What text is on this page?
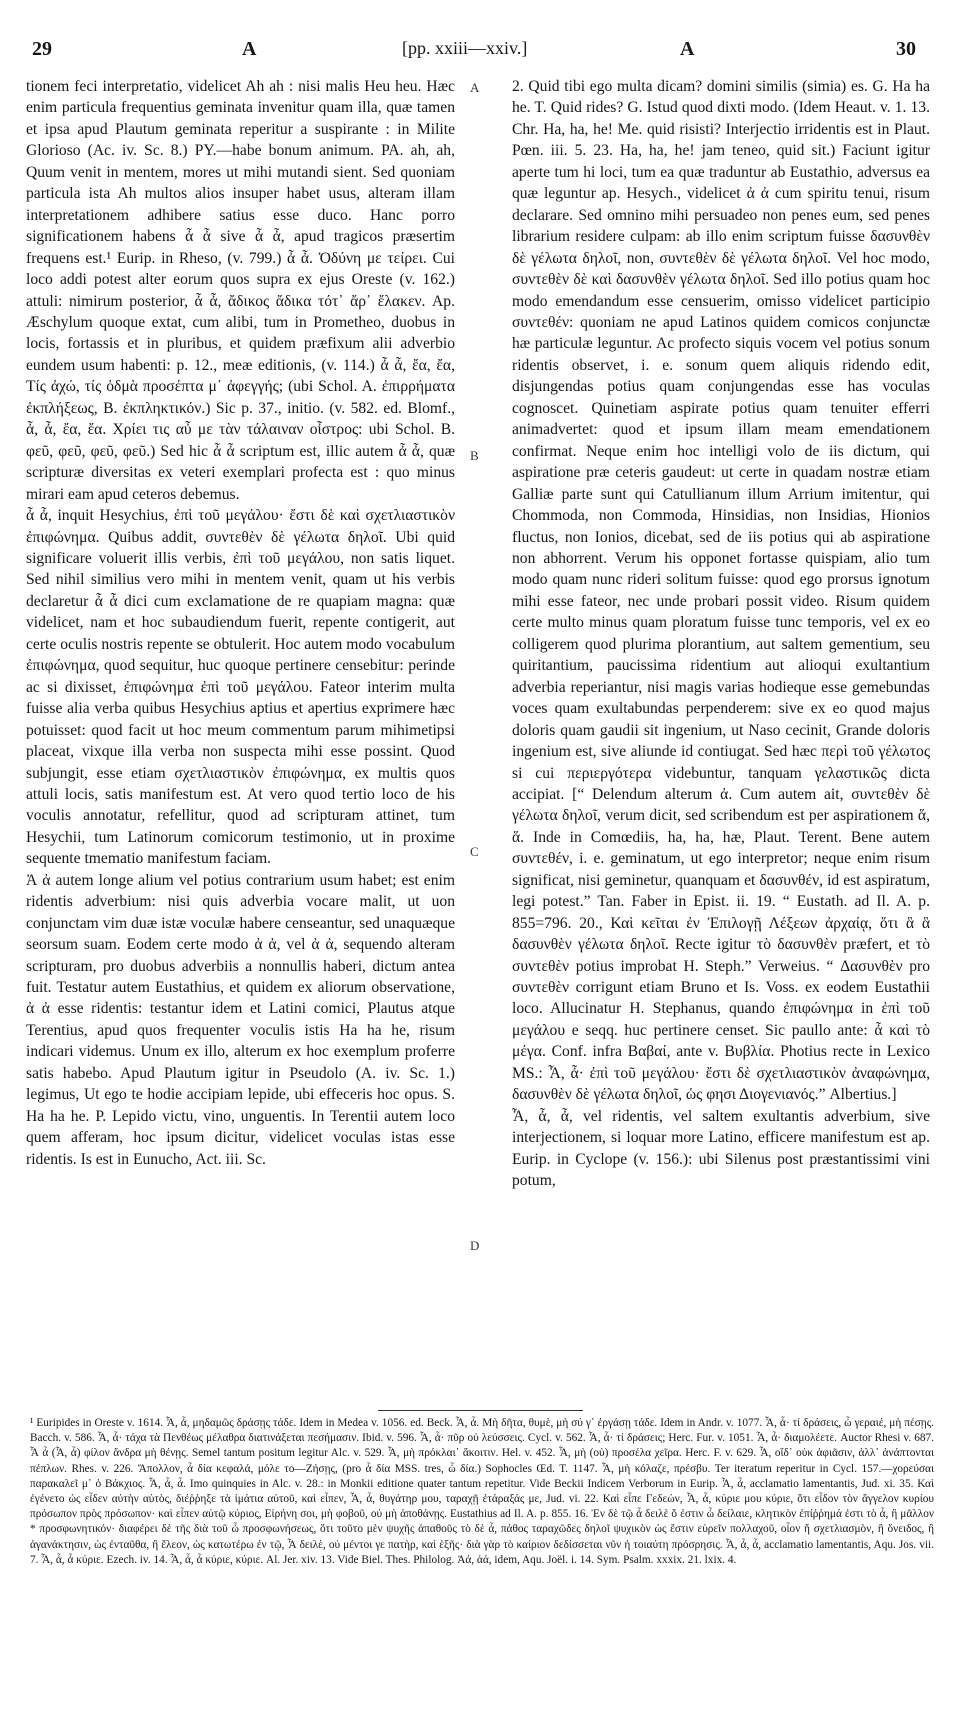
29	A	[pp. xxiii—xxiv.]	A	30
A
B
C
D

tionem feci interpretatio, videlicet Ah ah : nisi malis Heu heu. Hæc enim particula frequentius geminata invenitur quam illa, quæ tamen et ipsa apud Plautum geminata reperitur a suspirante : in Milite Glorioso (Ac. iv. Sc. 8.) PY.—habe bonum animum. PA. ah, ah, Quum venit in mentem, mores ut mihi mutandi sient. Sed quoniam particula ista Ah multos alios insuper habet usus, alteram illam interpretationem adhibere satius esse duco. Hanc porro significationem habens ἆ ἆ sive ἆ ἆ, apud tragicos præsertim frequens est.¹ Eurip. in Rheso, (v. 799.) ἆ ἆ. Ὀδύνη με τείρει. Cui loco addi potest alter eorum quos supra ex ejus Oreste (v. 162.) attuli: nimirum posterior, ἆ ἆ, ἄδικος ἄδικα τότ᾽ ἄρ᾽ ἔλακεν. Ap. Æschylum quoque extat, cum alibi, tum in Prometheo, duobus in locis, fortassis et in pluribus, et quidem præfixum alii adverbio eundem usum habenti: p. 12., meæ editionis, (v. 114.) ἆ ἆ, ἔα, ἔα, Τίς ἀχώ, τίς ὀδμὰ προσέπτα μ᾽ ἀφεγγής; (ubi Schol. A. ἐπιρρήματα ἐκπλήξεως, B. ἐκπληκτικόν.) Sic p. 37., initio. (v. 582. ed. Blomf., ἆ, ἆ, ἔα, ἔα. Χρίει τις αὖ με τὰν τάλαιναν οἶστρος: ubi Schol. B. φεῦ, φεῦ, φεῦ, φεῦ.) Sed hic ἆ ἆ scriptum est, illic autem ἆ ἆ, quæ scripturæ diversitas ex veteri exemplari profecta est : quo minus mirari eam apud ceteros debemus.

ἆ ἆ, inquit Hesychius, ἐπὶ τοῦ μεγάλου· ἔστι δὲ καὶ σχετλιαστικὸν ἐπιφώνημα. Quibus addit, συντεθὲν δὲ γέλωτα δηλοῖ. Ubi quid significare voluerit illis verbis, ἐπὶ τοῦ μεγάλου, non satis liquet. Sed nihil similius vero mihi in mentem venit, quam ut his verbis declaretur ἆ ἆ dici cum exclamatione de re quapiam magna: quæ videlicet, nam et hoc subaudiendum fuerit, repente contigerit, aut certe oculis nostris repente se obtulerit. Hoc autem modo vocabulum ἐπιφώνημα, quod sequitur, huc quoque pertinere censebitur: perinde ac si dixisset, ἐπιφώνημα ἐπὶ τοῦ μεγάλου. Fateor interim multa fuisse alia verba quibus Hesychius aptius et apertius exprimere hæc potuisset: quod facit ut hoc meum commentum parum mihimetipsi placeat, vixque illa verba non suspecta mihi esse possint. Quod subjungit, esse etiam σχετλιαστικὸν ἐπιφώνημα, ex multis quos attuli locis, satis manifestum est. At vero quod tertio loco de his voculis annotatur, refellitur, quod ad scripturam attinet, tum Hesychii, tum Latinorum comicorum testimonio, ut in proxime sequente tmematio manifestum faciam.

Ἀ ἀ autem longe alium vel potius contrarium usum habet; est enim ridentis adverbium: nisi quis adverbia vocare malit, ut uon conjunctam vim duæ istæ voculæ habere censeantur, sed unaquæque seorsum suam. Eodem certe modo ἀ ἀ, vel ἀ ἀ, sequendo alteram scripturam, pro duobus adverbiis a nonnullis haberi, dictum antea fuit. Testatur autem Eustathius, et quidem ex aliorum observatione, ἀ ἀ esse ridentis: testantur idem et Latini comici, Plautus atque Terentius, apud quos frequenter voculis istis Ha ha he, risum indicari videmus. Unum ex illo, alterum ex hoc exemplum proferre satis habebo. Apud Plautum igitur in Pseudolo (A. iv. Sc. 1.) legimus, Ut ego te hodie accipiam lepide, ubi effeceris hoc opus. S. Ha ha he. P. Lepido victu, vino, unguentis. In Terentii autem loco quem afferam, hoc ipsum dicitur, videlicet voculas istas esse ridentis. Is est in Eunucho, Act. iii. Sc.

2. Quid tibi ego multa dicam? domini similis (simia) es. G. Ha ha he. T. Quid rides? G. Istud quod dixti modo. (Idem Heaut. v. 1. 13. Chr. Ha, ha, he! Me. quid risisti? Interjectio irridentis est in Plaut. Pœn. iii. 5. 23. Ha, ha, he! jam teneo, quid sit.) Faciunt igitur aperte tum hi loci, tum ea quæ traduntur ab Eustathio, adversus ea quæ leguntur ap. Hesych., videlicet ἀ ἀ cum spiritu tenui, risum declarare. Sed omnino mihi persuadeo non penes eum, sed penes librarium residere culpam: ab illo enim scriptum fuisse δασυνθὲν δὲ γέλωτα δηλοῖ, non, συντεθὲν δὲ γέλωτα δηλοῖ. Vel hoc modo, συντεθὲν δὲ καὶ δασυνθὲν γέλωτα δηλοῖ. Sed illo potius quam hoc modo emendandum esse censuerim, omisso videlicet participio συντεθέν: quoniam ne apud Latinos quidem comicos conjunctæ hæ particulæ leguntur. Ac profecto siquis vocem vel potius sonum ridentis observet, i. e. sonum quem aliquis ridendo edit, disjungendas potius quam conjungendas esse has voculas cognoscet. Quinetiam aspirate potius quam tenuiter efferri animadvertet: quod et ipsum illam meam emendationem confirmat. Neque enim hoc intelligi volo de iis dictum, qui aspiratione præ ceteris gaudeut: ut certe in quadam nostræ etiam Galliæ parte sunt qui Catullianum illum Arrium imitentur, qui Chommoda, non Commoda, Hinsidias, non Insidias, Hionios fluctus, non Ionios, dicebat, sed de iis potius qui ab aspiratione non abhorrent. Verum his opponet fortasse quispiam, alio tum modo quam nunc rideri solitum fuisse: quod ego prorsus ignotum mihi esse fateor, nec unde probari possit video. Risum quidem certe multo minus quam ploratum fuisse tunc temporis, vel ex eo colligerem quod plurima plorantium, aut saltem gementium, seu quiritantium, paucissima ridentium aut alioqui exultantium adverbia reperiantur, nisi magis varias hodieque esse gemebundas voces quam exultabundas perpenderem: sive ex eo quod majus doloris quam gaudii sit ingenium, ut Naso cecinit, Grande doloris ingenium est, sive aliunde id contiugat. Sed hæc περὶ τοῦ γέλωτος si cui περιεργότερα videbuntur, tanquam γελαστικῶς dicta accipiat. [“ Delendum alterum ἀ. Cum autem ait, συντεθὲν δὲ γέλωτα δηλοῖ, verum dicit, sed scribendum est per aspirationem ἅ, ἅ. Inde in Comœdiis, ha, ha, hæ, Plaut. Terent. Bene autem συντεθέν, i. e. geminatum, ut ego interpretor; neque enim risum significat, nisi geminetur, quanquam et δασυνθέν, id est aspiratum, legi potest.” Tan. Faber in Epist. ii. 19. “ Eustath. ad Il. A. p. 855=796. 20., Καὶ κεῖται ἐν Ἐπιλογῇ Λέξεων ἀρχαίᾳ, ὅτι ἃ ἃ δασυνθὲν γέλωτα δηλοῖ. Recte igitur τὸ δασυνθὲν præfert, et τὸ συντεθὲν potius improbat H. Steph.” Verweius. “ Δασυνθὲν pro συντεθὲν corrigunt etiam Bruno et Is. Voss. ex eodem Eustathii loco. Allucinatur H. Stephanus, quando ἐπιφώνημα in ἐπὶ τοῦ μεγάλου e seqq. huc pertinere censet. Sic paullo ante: ἆ καὶ τὸ μέγα. Conf. infra Βαβαί, ante v. Βυβλία. Photius recte in Lexico MS.: Ἆ, ἆ· ἐπὶ τοῦ μεγάλου· ἔστι δὲ σχετλιαστικὸν ἀναφώνημα, δασυνθὲν δὲ γέλωτα δηλοῖ, ὡς φησι Διογενιανός.” Albertius.]

Ἆ, ἆ, ἆ, vel ridentis, vel saltem exultantis adverbium, sive interjectionem, si loquar more Latino, efficere manifestum est ap. Eurip. in Cyclope (v. 156.): ubi Silenus post præstantissimi vini potum,

¹ Euripides in Oreste v. 1614. Ἆ, ἆ, μηδαμῶς δράσῃς τάδε. Idem in Medea v. 1056. ed. Beck. Ἆ, ἆ. Μὴ δῆτα, θυμὲ, μὴ σύ γ᾽ ἐργάσῃ τάδε. Idem in Andr. v. 1077. Ἆ, ἆ· τί δράσεις, ὦ γεραιέ, μὴ πέσῃς. Bacch. v. 586. Ἆ, ἆ· τάχα τὰ Πενθέως μέλαθρα διατινάξεται πεσήμασιν. Ibid. v. 596. Ἆ, ἆ· πῦρ οὐ λεύσσεις. Cycl. v. 562. Ἆ, ἆ· τί δράσεις; Herc. Fur. v. 1051. Ἆ, ἆ· διαμολέετε. Auctor Rhesi v. 687. Ἆ ἆ (Ἆ, ἆ) φίλον ἄνδρα μὴ θένῃς. Semel tantum positum legitur Alc. v. 529. Ἆ, μὴ πρόκλαι᾽ ἄκοιτιν. Hel. v. 452. Ἆ, μὴ (οὐ) προσέλα χεῖρα. Herc. F. v. 629. Ἆ, οἵδ᾽ οὐκ ἀφιᾶσιν, ἀλλ᾽ ἀνάπτονται πέπλων. Rhes. v. 226. Ἄπολλον, ἆ δία κεφαλά, μόλε το—Ζήσῃς, (pro ἆ δία MSS. tres, ὦ δία.) Sophocles Œd. T. 1147. Ἆ, μὴ κόλαζε, πρέσβυ. Ter iteratum reperitur in Cycl. 157.—χορεύσαι παρακαλεῖ μ᾽ ὁ Βάκχιος. Ἆ, ἆ, ἆ. Imo quinquies in Alc. v. 28.: in Monkii editione quater tantum repetitur. Vide Beckii Indicem Verborum in Eurip. Ἆ, ἆ, acclamatio lamentantis, Jud. xi. 35. Καὶ ἐγένετο ὡς εἶδεν αὐτὴν αὐτὸς, διέῤῥηξε τὰ ἱμάτια αὐτοῦ, καὶ εἶπεν, Ἆ, ἆ, θυγάτηρ μου, ταραχῇ ἐτάραξάς με, Jud. vi. 22. Καὶ εἶπε Γεδεών, Ἆ, ἆ, κύριε μου κύριε, ὅτι εἶδον τὸν ἄγγελον κυρίου πρόσωπον πρὸς πρόσωπον· καὶ εἶπεν αὐτῷ κύριος, Εἰρήνη σοι, μὴ φοβοῦ, οὐ μὴ ἀποθάνῃς. Eustathius ad Il. A. p. 855. 16. Ἐν δὲ τῷ ἆ δειλὲ ὅ ἐστιν ὦ δείλαιε, κλητικὸν ἐπίῤῥημά ἐστι τὸ ἆ, ἢ μᾶλλον * προσφωνητικόν· διαφέρει δὲ τῆς διὰ τοῦ ὦ προσφωνήσεως, ὅτι τοῦτο μὲν ψυχῆς ἀπαθοῦς τὸ δὲ ἆ, πάθος ταραχῶδες δηλοῖ ψυχικὸν ὡς ἔστιν εὑρεῖν πολλαχοῦ, οἷον ἤ σχετλιασμὸν, ἢ ὄνειδος, ἢ ἀγανάκτησιν, ὡς ἐνταῦθα, ἢ ἔλεον, ὡς κατωτέρω ἐν τῷ, Ἆ δειλὲ, οὐ μέντοι γε πατὴρ, καὶ ἑξῆς· διὰ γὰρ τὸ καίριον δεδίσσεται νῦν ἡ τοιαύτη πρόσρησις. Ἆ, ἆ, ἆ, acclamatio lamentantis, Aqu. Jos. vii. 7. Ἆ, ἆ, ἆ κύριε. Ezech. iv. 14. Ἆ, ἆ, ἆ κύριε, κύριε. Al. Jer. xiv. 13. Vide Biel. Thes. Philolog. Ἀά, ἀά, idem, Aqu. Joël. i. 14. Sym. Psalm. xxxix. 21. lxix. 4.
